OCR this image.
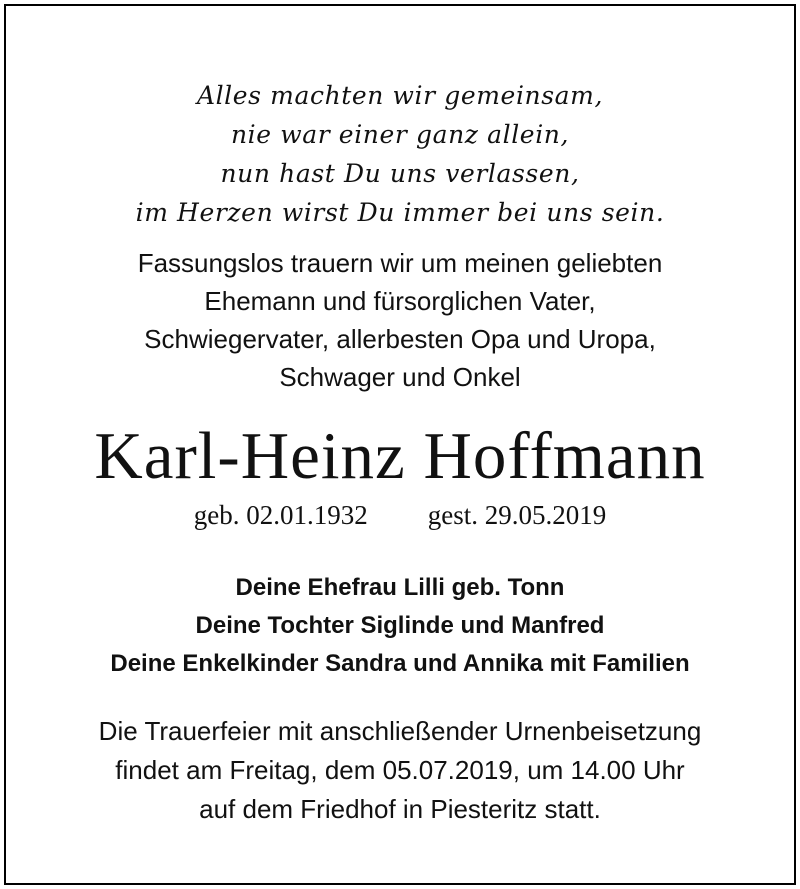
Alles machten wir gemeinsam,
nie war einer ganz allein,
nun hast Du uns verlassen,
im Herzen wirst Du immer bei uns sein.
Fassungslos trauern wir um meinen geliebten
Ehemann und fürsorglichen Vater,
Schwiegervater, allerbesten Opa und Uropa,
Schwager und Onkel
Karl-Heinz Hoffmann
geb. 02.01.1932 gest. 29.05.2019
Deine Ehefrau Lilli geb. Tonn
Deine Tochter Siglinde und Manfred
Deine Enkelkinder Sandra und Annika mit Familien
Die Trauerfeier mit anschließender Urnenbeisetzung
findet am Freitag, dem 05.07.2019, um 14.00 Uhr
auf dem Friedhof in Piesteritz statt.
